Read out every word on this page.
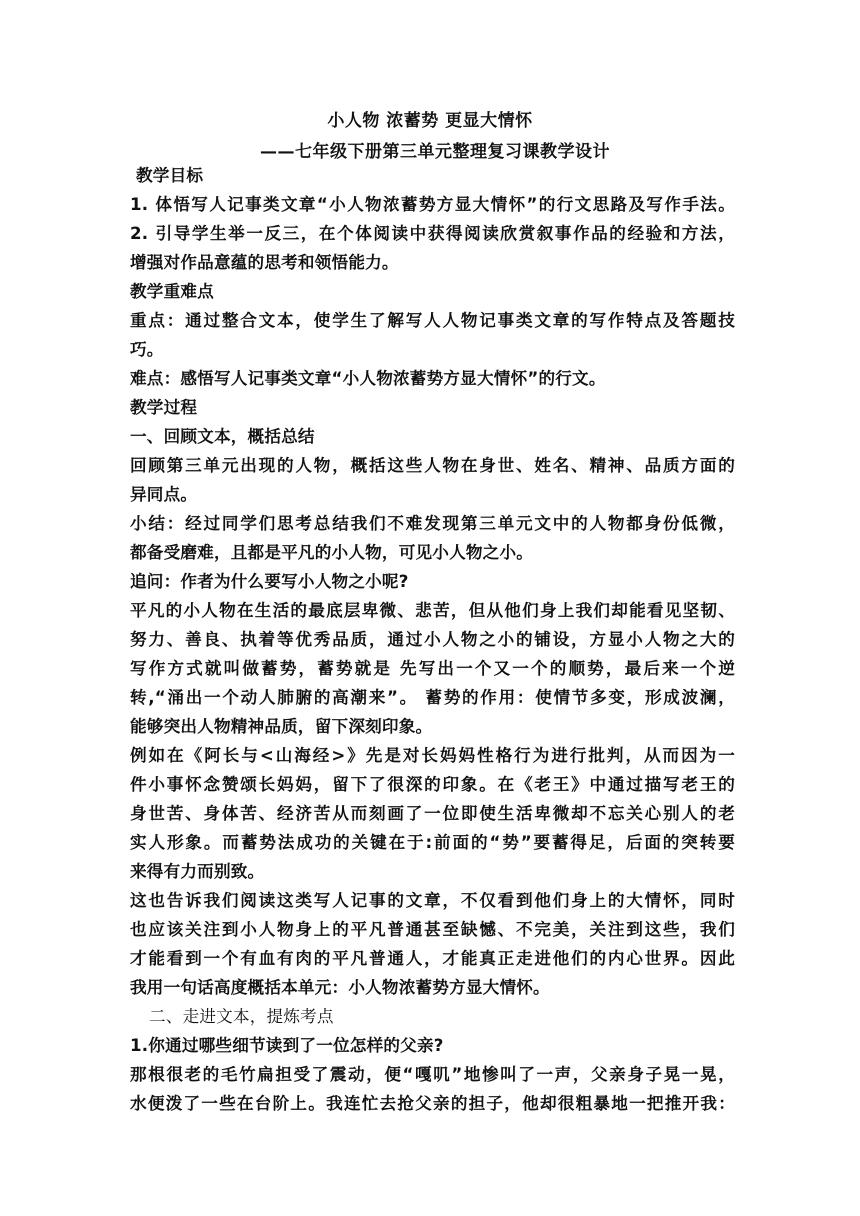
小人物 浓蓄势 更显大情怀
——七年级下册第三单元整理复习课教学设计
教学目标
1. 体悟写人记事类文章“小人物浓蓄势方显大情怀”的行文思路及写作手法。
2. 引导学生举一反三，在个体阅读中获得阅读欣赏叙事作品的经验和方法，
增强对作品意蕴的思考和领悟能力。
教学重难点
重点：通过整合文本，使学生了解写人人物记事类文章的写作特点及答题技
巧。
难点：感悟写人记事类文章“小人物浓蓄势方显大情怀”的行文。
教学过程
一、回顾文本，概括总结
回顾第三单元出现的人物，概括这些人物在身世、姓名、精神、品质方面的
异同点。
小结：经过同学们思考总结我们不难发现第三单元文中的人物都身份低微，
都备受磨难，且都是平凡的小人物，可见小人物之小。
追问：作者为什么要写小人物之小呢?
平凡的小人物在生活的最底层卑微、悲苦，但从他们身上我们却能看见坚韧、
努力、善良、执着等优秀品质，通过小人物之小的铺设，方显小人物之大的
写作方式就叫做蓄势，蓄势就是 先写出一个又一个的顺势，最后来一个逆
转,“涌出一个动人肺腑的高潮来”。 蓄势的作用：使情节多变，形成波澜，
能够突出人物精神品质，留下深刻印象。
例如在《阿长与<山海经>》先是对长妈妈性格行为进行批判，从而因为一
件小事怀念赞颂长妈妈，留下了很深的印象。在《老王》中通过描写老王的
身世苦、身体苦、经济苦从而刻画了一位即使生活卑微却不忘关心别人的老
实人形象。而蓄势法成功的关键在于:前面的“势”要蓄得足，后面的突转要
来得有力而别致。
这也告诉我们阅读这类写人记事的文章，不仅看到他们身上的大情怀，同时
也应该关注到小人物身上的平凡普通甚至缺憾、不完美，关注到这些，我们
才能看到一个有血有肉的平凡普通人，才能真正走进他们的内心世界。因此
我用一句话高度概括本单元：小人物浓蓄势方显大情怀。
二、走进文本，提炼考点
1.你通过哪些细节读到了一位怎样的父亲?
那根很老的毛竹扁担受了震动，便“嘎叽”地惨叫了一声，父亲身子晃一晃，
水便泼了一些在台阶上。我连忙去抢父亲的担子，他却很粗暴地一把推开我：
